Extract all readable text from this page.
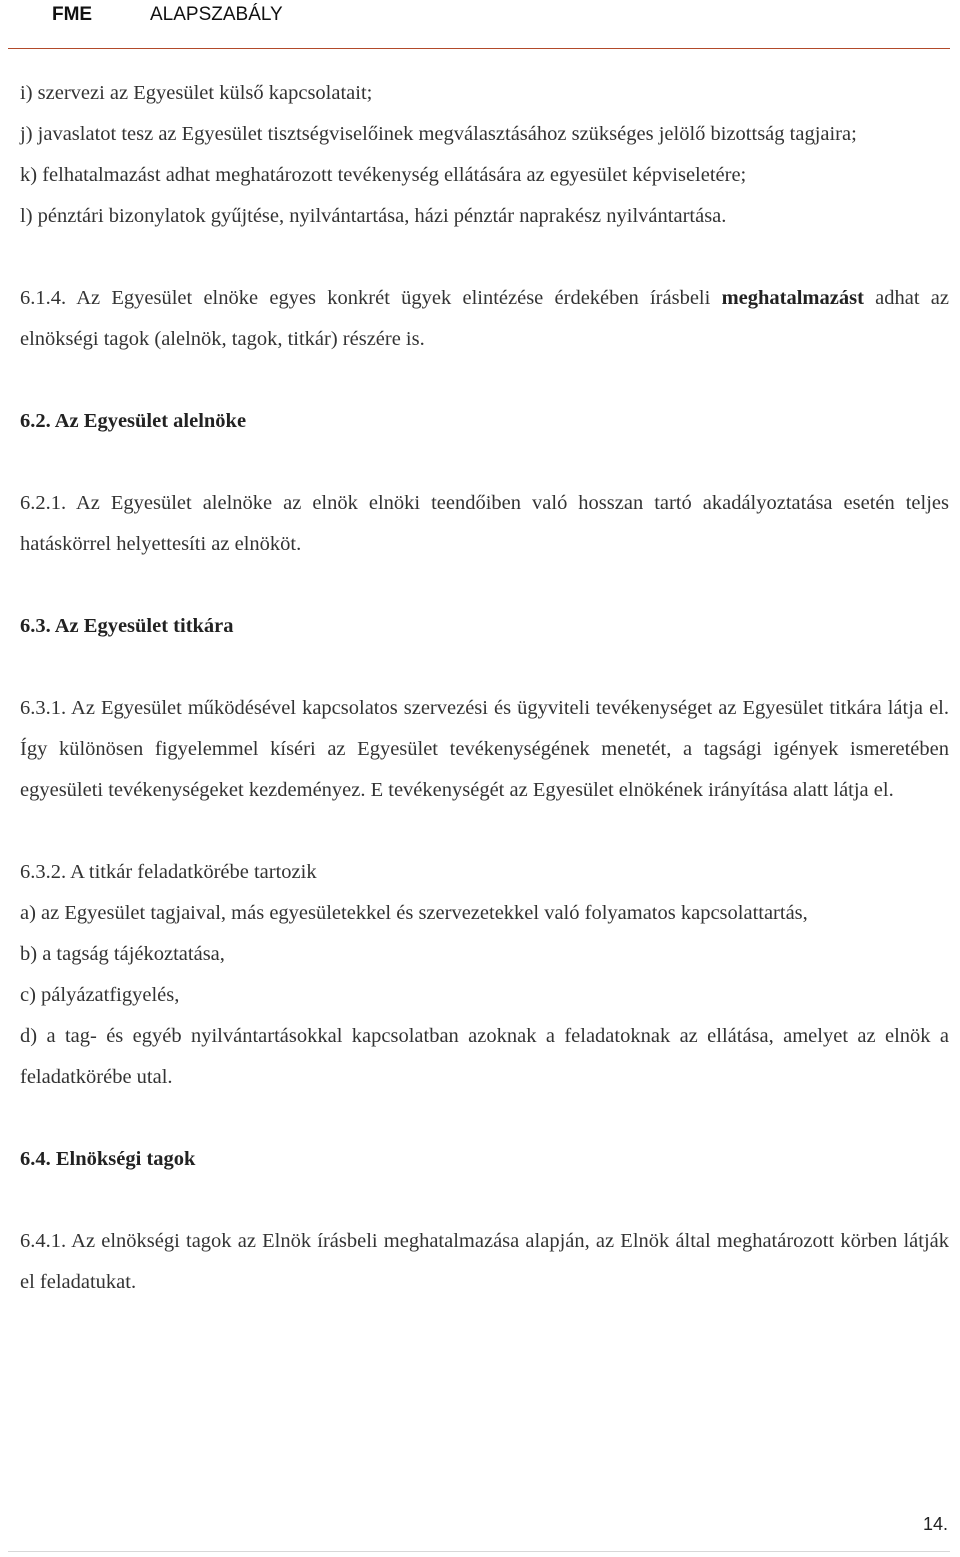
FME	ALAPSZABÁLY

i) szervezi az Egyesület külső kapcsolatait;

j) javaslatot tesz az Egyesület tisztségviselőinek megválasztásához szükséges jelölő bizottság tagjaira;

k) felhatalmazást adhat meghatározott tevékenység ellátására az egyesület képviseletére;

l) pénztári bizonylatok gyűjtése, nyilvántartása, házi pénztár naprakész nyilvántartása.

6.1.4. Az Egyesület elnöke egyes konkrét ügyek elintézése érdekében írásbeli meghatalmazást adhat az elnökségi tagok (alelnök, tagok, titkár) részére is.

6.2. Az Egyesület alelnöke

6.2.1. Az Egyesület alelnöke az elnök elnöki teendőiben való hosszan tartó akadályoztatása esetén teljes hatáskörrel helyettesíti az elnököt.

6.3. Az Egyesület titkára

6.3.1. Az Egyesület működésével kapcsolatos szervezési és ügyviteli tevékenységet az Egyesület titkára látja el. Így különösen figyelemmel kíséri az Egyesület tevékenységének menetét, a tagsági igények ismeretében egyesületi tevékenységeket kezdeményez. E tevékenységét az Egyesület elnökének irányítása alatt látja el.

6.3.2. A titkár feladatkörébe tartozik

a) az Egyesület tagjaival, más egyesületekkel és szervezetekkel való folyamatos kapcsolattartás,

b) a tagság tájékoztatása,

c) pályázatfigyelés,

d) a tag- és egyéb nyilvántartásokkal kapcsolatban azoknak a feladatoknak az ellátása, amelyet az elnök a feladatkörébe utal.

6.4. Elnökségi tagok

6.4.1. Az elnökségi tagok az Elnök írásbeli meghatalmazása alapján, az Elnök által meghatározott körben látják el feladatukat.

14.
